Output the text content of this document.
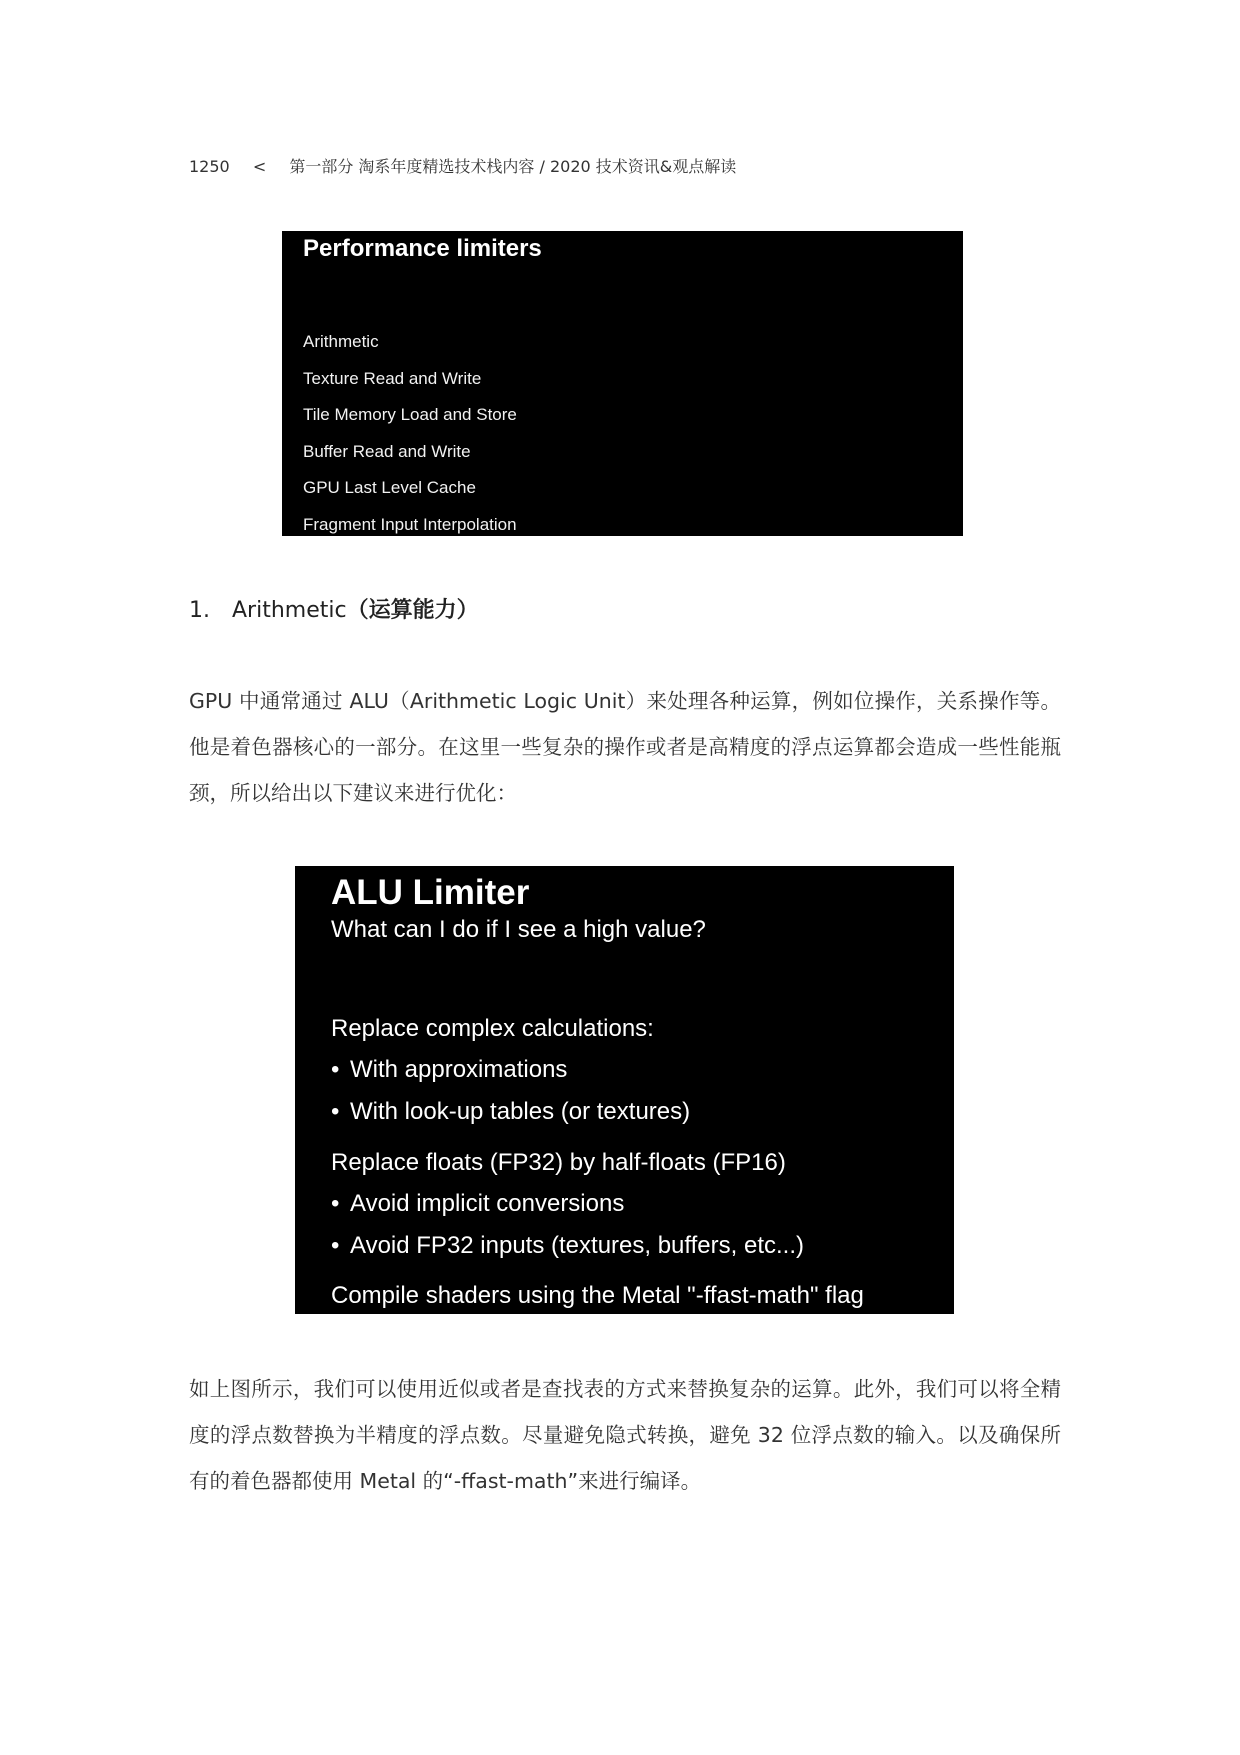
1250 < 第一部分 淘系年度精选技术栈内容 / 2020 技术资讯&观点解读
Performance limiters
Arithmetic
Texture Read and Write
Tile Memory Load and Store
Buffer Read and Write
GPU Last Level Cache
Fragment Input Interpolation
1. Arithmetic（运算能力）

GPU 中通常通过 ALU（Arithmetic Logic Unit）来处理各种运算，例如位操作，关系操作等。他是着色器核心的一部分。在这里一些复杂的操作或者是高精度的浮点运算都会造成一些性能瓶颈，所以给出以下建议来进行优化：

ALU Limiter

What can I do if I see a high value?

Replace complex calculations:
• With approximations
• With look-up tables (or textures)
Replace floats (FP32) by half-floats (FP16)
• Avoid implicit conversions
• Avoid FP32 inputs (textures, buffers, etc...)
Compile shaders using the Metal "-ffast-math" flag

如上图所示，我们可以使用近似或者是查找表的方式来替换复杂的运算。此外，我们可以将全精度的浮点数替换为半精度的浮点数。尽量避免隐式转换，避免 32 位浮点数的输入。以及确保所有的着色器都使用 Metal 的“-ffast-math”来进行编译。
